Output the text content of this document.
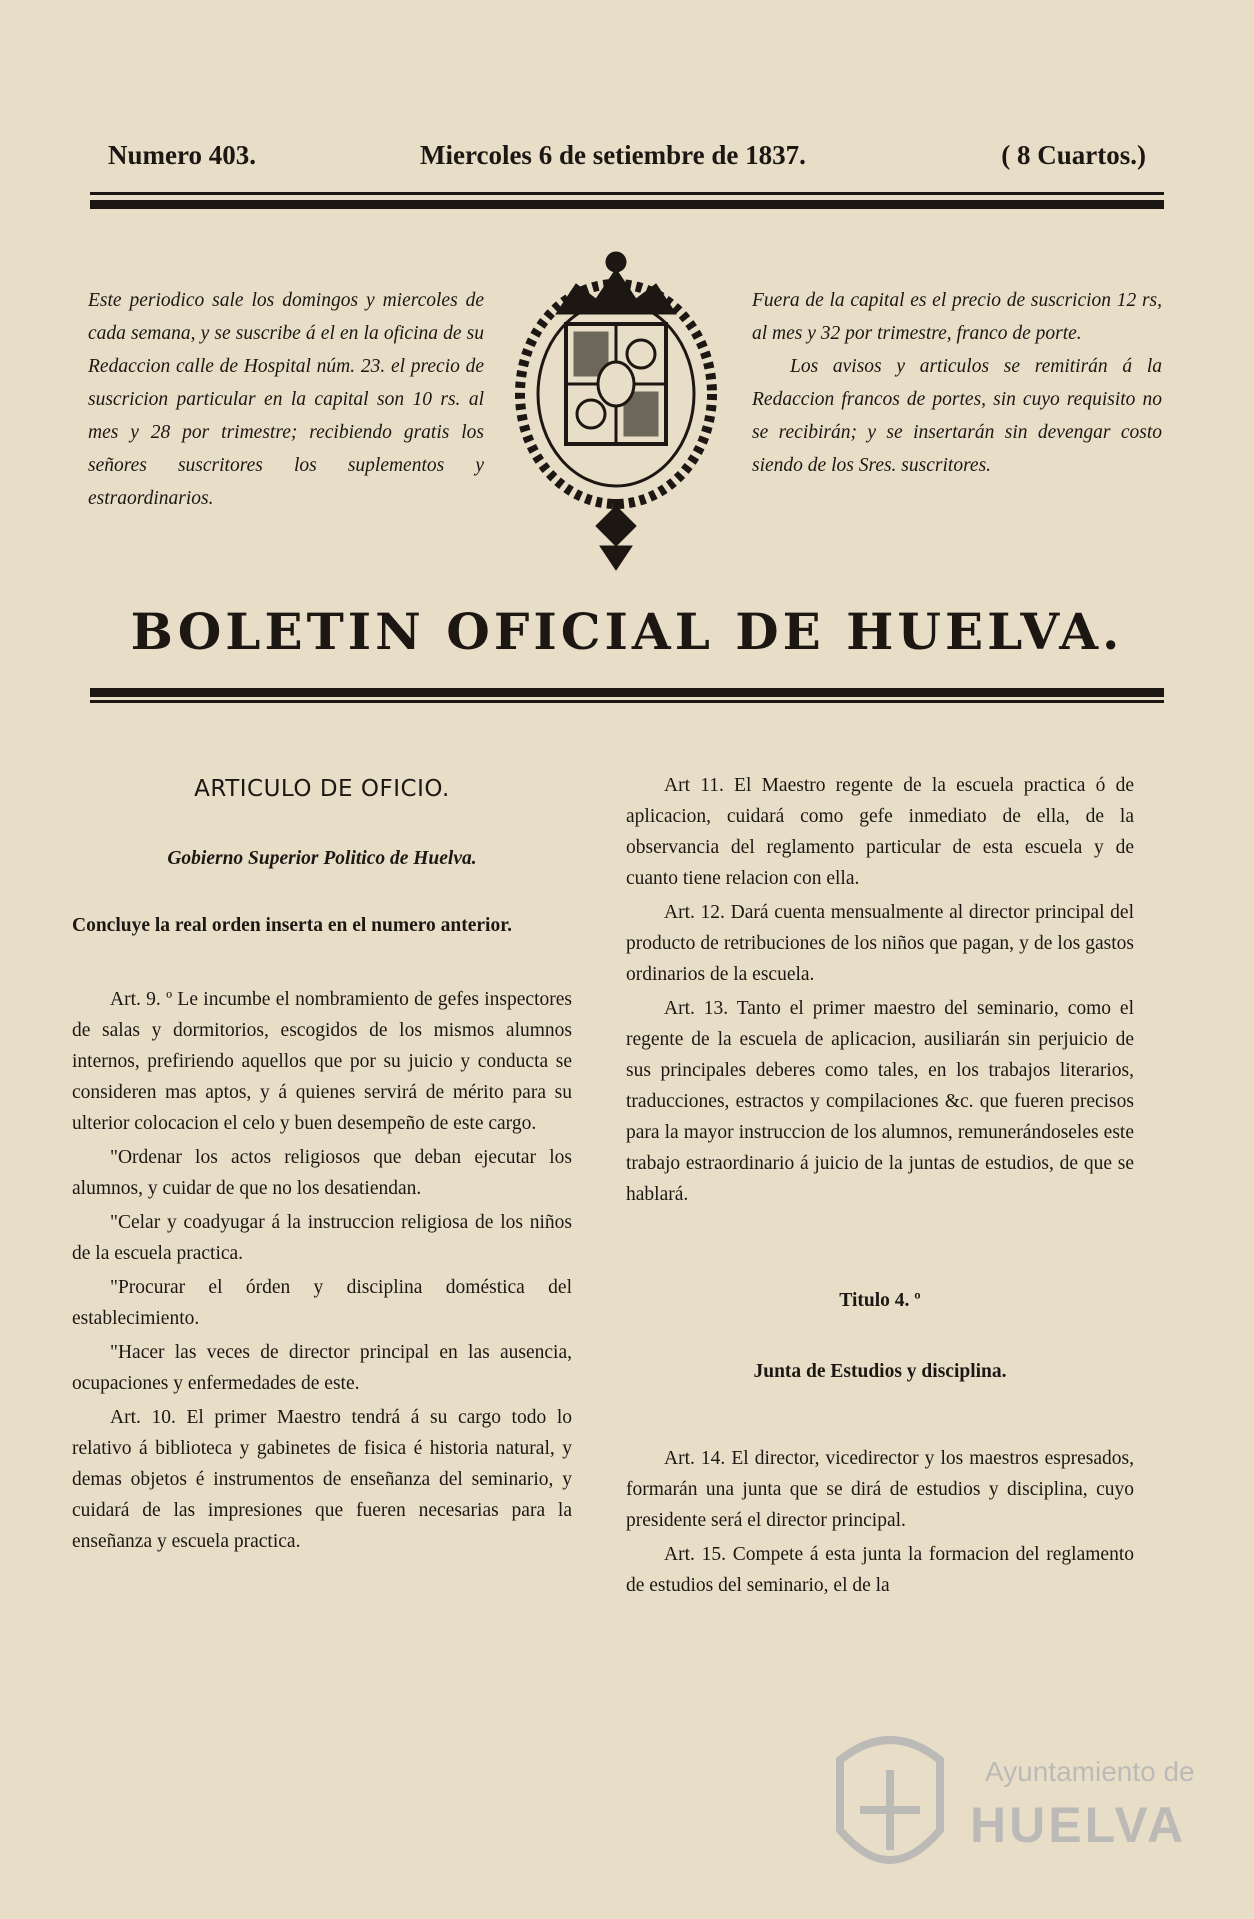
Numero 403.	Miercoles 6 de setiembre de 1837.	( 8 Cuartos.)

Este periodico sale los domingos y miercoles de cada semana, y se suscribe á el en la oficina de su Redaccion calle de Hospital núm. 23. el precio de suscricion particular en la capital son 10 rs. al mes y 28 por trimestre; recibiendo gratis los señores suscritores los suplementos y estraordinarios.

Fuera de la capital es el precio de suscricion 12 rs, al mes y 32 por trimestre, franco de porte.

Los avisos y articulos se remitirán á la Redaccion francos de portes, sin cuyo requisito no se recibirán; y se insertarán sin devengar costo siendo de los Sres. suscritores.

BOLETIN OFICIAL DE HUELVA.
ARTICULO DE OFICIO.

Gobierno Superior Politico de Huelva.

Concluye la real orden inserta en el numero anterior.

Art. 9. º Le incumbe el nombramiento de gefes inspectores de salas y dormitorios, escogidos de los mismos alumnos internos, prefiriendo aquellos que por su juicio y conducta se consideren mas aptos, y á quienes servirá de mérito para su ulterior colocacion el celo y buen desempeño de este cargo.

"Ordenar los actos religiosos que deban ejecutar los alumnos, y cuidar de que no los desatiendan.

"Celar y coadyugar á la instruccion religiosa de los niños de la escuela practica.

"Procurar el órden y disciplina doméstica del establecimiento.

"Hacer las veces de director principal en las ausencia, ocupaciones y enfermedades de este.

Art. 10. El primer Maestro tendrá á su cargo todo lo relativo á biblioteca y gabinetes de fisica é historia natural, y demas objetos é instrumentos de enseñanza del seminario, y cuidará de las impresiones que fueren necesarias para la enseñanza y escuela practica.

Art 11. El Maestro regente de la escuela practica ó de aplicacion, cuidará como gefe inmediato de ella, de la observancia del reglamento particular de esta escuela y de cuanto tiene relacion con ella.

Art. 12. Dará cuenta mensualmente al director principal del producto de retribuciones de los niños que pagan, y de los gastos ordinarios de la escuela.

Art. 13. Tanto el primer maestro del seminario, como el regente de la escuela de aplicacion, ausiliarán sin perjuicio de sus principales deberes como tales, en los trabajos literarios, traducciones, estractos y compilaciones &c. que fueren precisos para la mayor instruccion de los alumnos, remunerándoseles este trabajo estraordinario á juicio de la juntas de estudios, de que se hablará.

Titulo 4. º

Junta de Estudios y disciplina.

Art. 14. El director, vicedirector y los maestros espresados, formarán una junta que se dirá de estudios y disciplina, cuyo presidente será el director principal.

Art. 15. Compete á esta junta la formacion del reglamento de estudios del seminario, el de la

Ayuntamiento de
HUELVA
